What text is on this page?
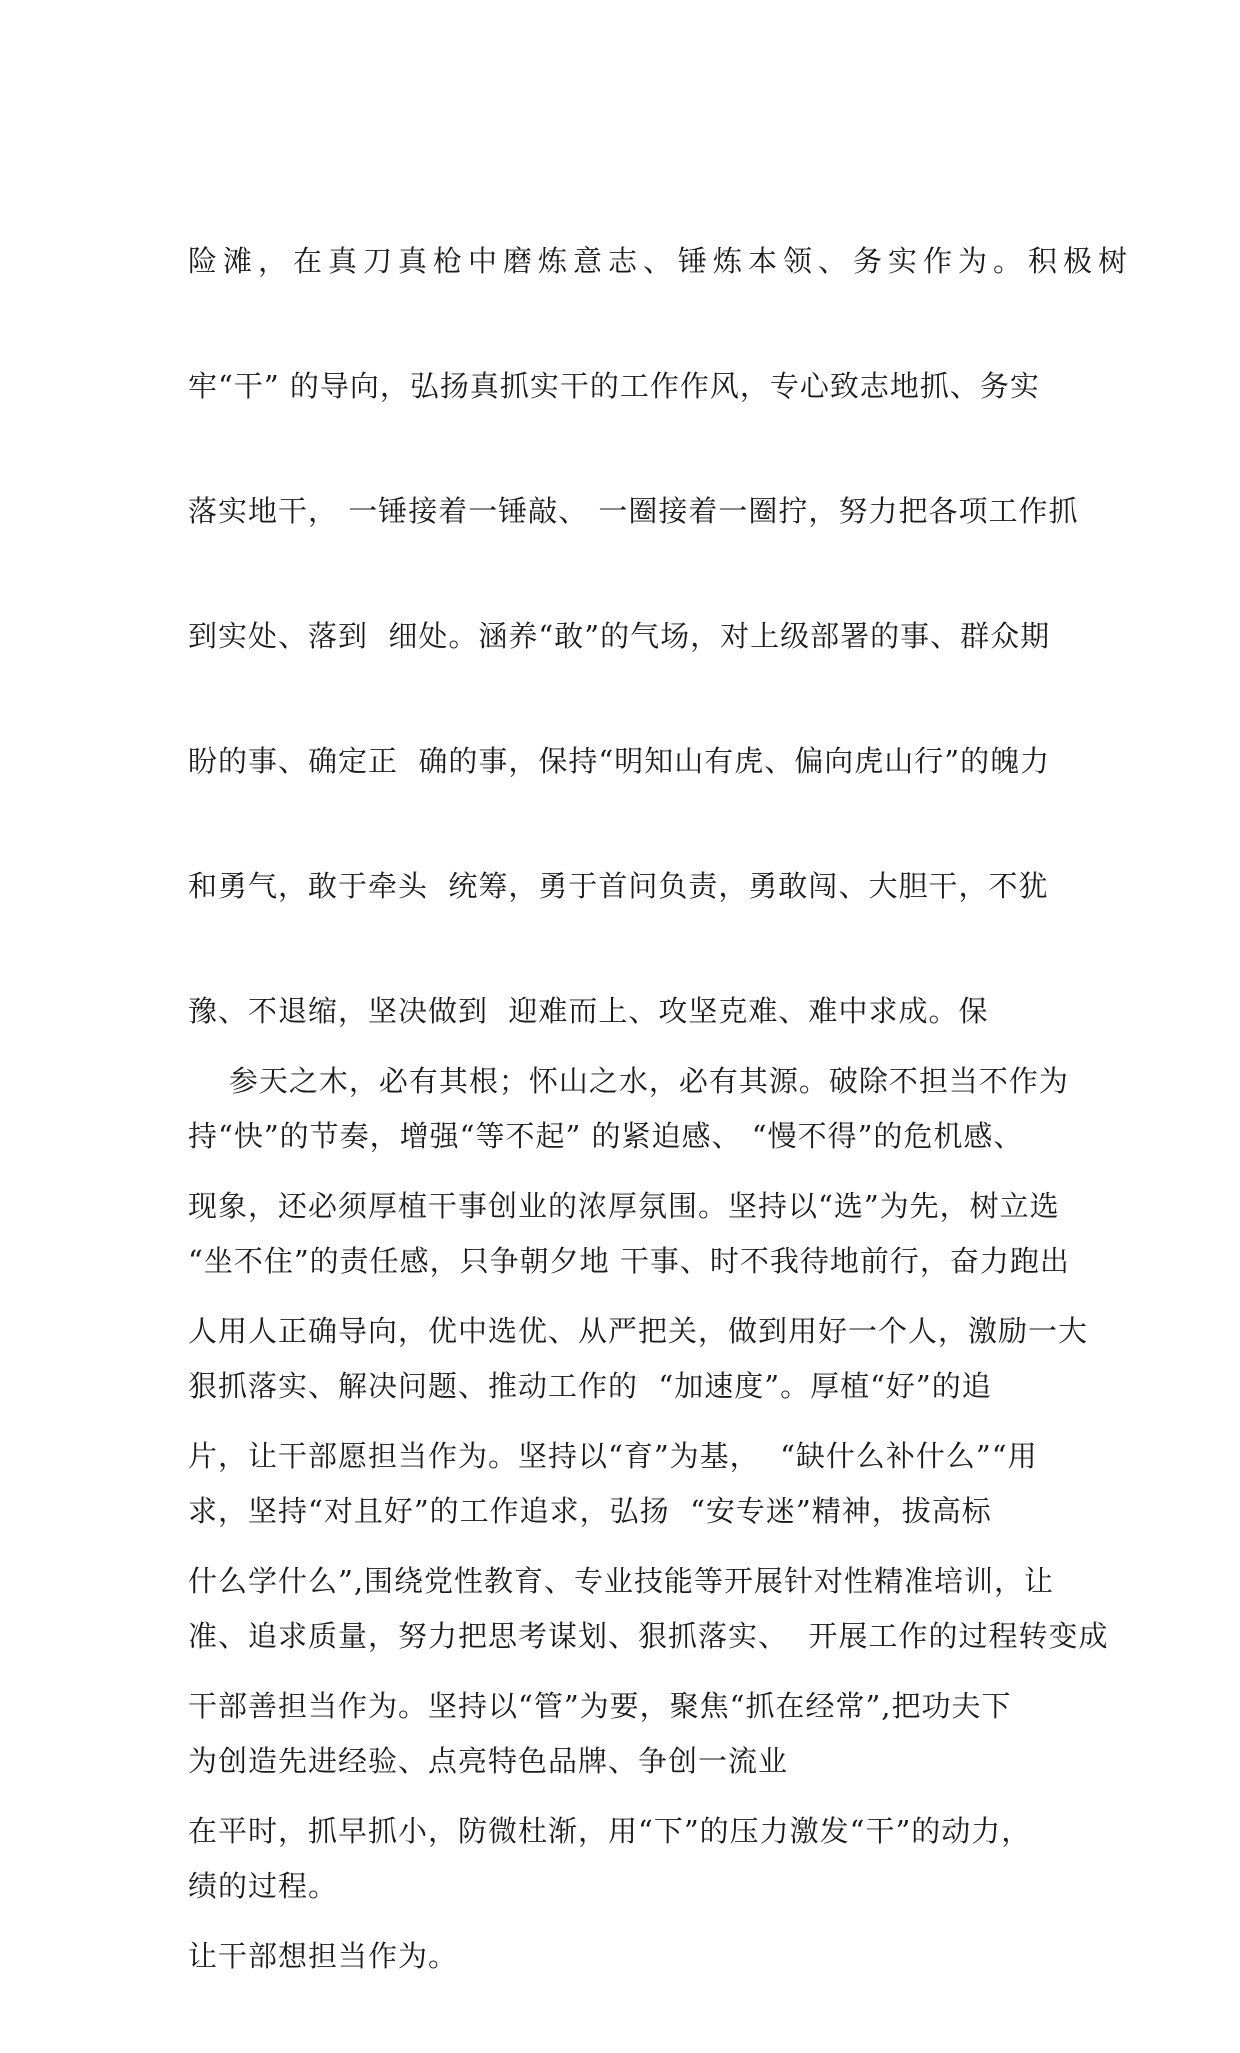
险滩，在真刀真枪中磨炼意志、锤炼本领、务实作为。积极树

牢“干” 的导向，弘扬真抓实干的工作作风，专心致志地抓、务实

落实地干， 一锤接着一锤敲、 一圈接着一圈拧，努力把各项工作抓

到实处、落到  细处。涵养“敢”的气场，对上级部署的事、群众期

盼的事、确定正  确的事，保持“明知山有虎、偏向虎山行”的魄力

和勇气，敢于牵头  统筹，勇于首问负责，勇敢闯、大胆干，不犹

豫、不退缩，坚决做到  迎难而上、攻坚克难、难中求成。保

持“快”的节奏，增强“等不起” 的紧迫感、 “慢不得”的危机感、

“坐不住”的责任感，只争朝夕地 干事、时不我待地前行，奋力跑出

狠抓落实、解决问题、推动工作的  “加速度”。厚植“好”的追

求，坚持“对且好”的工作追求，弘扬  “安专迷”精神，拔高标

准、追求质量，努力把思考谋划、狠抓落实、  开展工作的过程转变成

为创造先进经验、点亮特色品牌、争创一流业

绩的过程。

参天之木，必有其根；怀山之水，必有其源。破除不担当不作为

现象，还必须厚植干事创业的浓厚氛围。坚持以“选”为先，树立选

人用人正确导向，优中选优、从严把关，做到用好一个人，激励一大

片，让干部愿担当作为。坚持以“育”为基，  “缺什么补什么”“用

什么学什么”,围绕党性教育、专业技能等开展针对性精准培训，让

干部善担当作为。坚持以“管”为要，聚焦“抓在经常”,把功夫下

在平时，抓早抓小，防微杜渐，用“下”的压力激发“干”的动力，

让干部想担当作为。
